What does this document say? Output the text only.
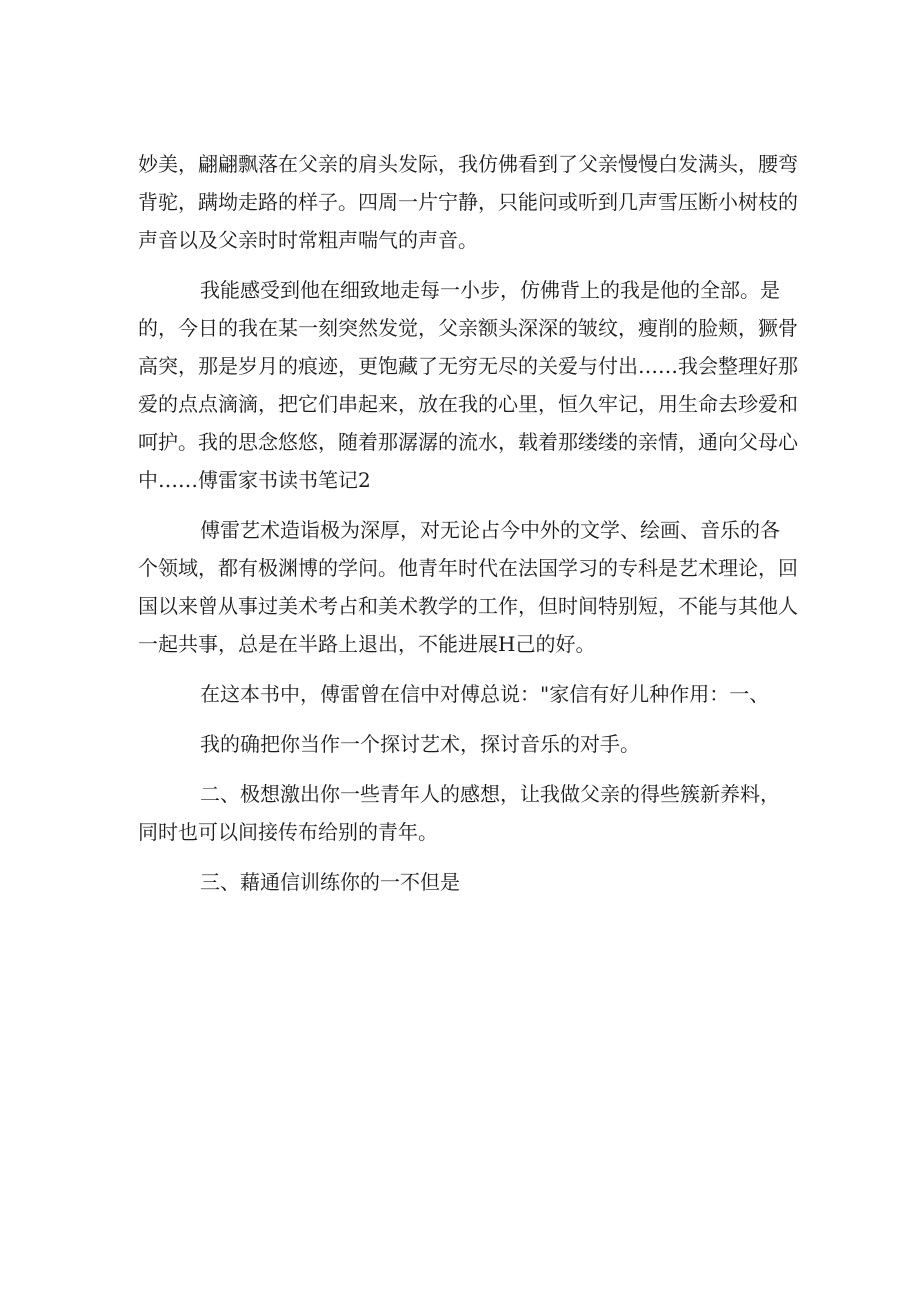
妙美，翩翩飘落在父亲的肩头发际，我仿佛看到了父亲慢慢白发满头，腰弯
背驼，蹒坳走路的样子。四周一片宁静，只能问或听到几声雪压断小树枝的
声音以及父亲时时常粗声喘气的声音。
我能感受到他在细致地走每一小步，仿佛背上的我是他的全部。是
的，今日的我在某一刻突然发觉，父亲额头深深的皱纹，瘦削的脸颊，獗骨
高突，那是岁月的痕迹，更饱藏了无穷无尽的关爱与付出……我会整理好那
爱的点点滴滴，把它们串起来，放在我的心里，恒久牢记，用生命去珍爱和
呵护。我的思念悠悠，随着那潺潺的流水，载着那缕缕的亲情，通向父母心
中……傅雷家书读书笔记2
傅雷艺术造诣极为深厚，对无论占今中外的文学、绘画、音乐的各
个领域，都有极渊博的学问。他青年时代在法国学习的专科是艺术理论，回
国以来曾从事过美术考占和美术教学的工作，但时间特别短，不能与其他人
一起共事，总是在半路上退出，不能进展H己的好。
在这本书中，傅雷曾在信中对傅总说："家信有好儿种作用：一、
我的确把你当作一个探讨艺术，探讨音乐的对手。
二、极想激出你一些青年人的感想，让我做父亲的得些簇新养料，
同时也可以间接传布给别的青年。
三、藉通信训练你的一不但是
